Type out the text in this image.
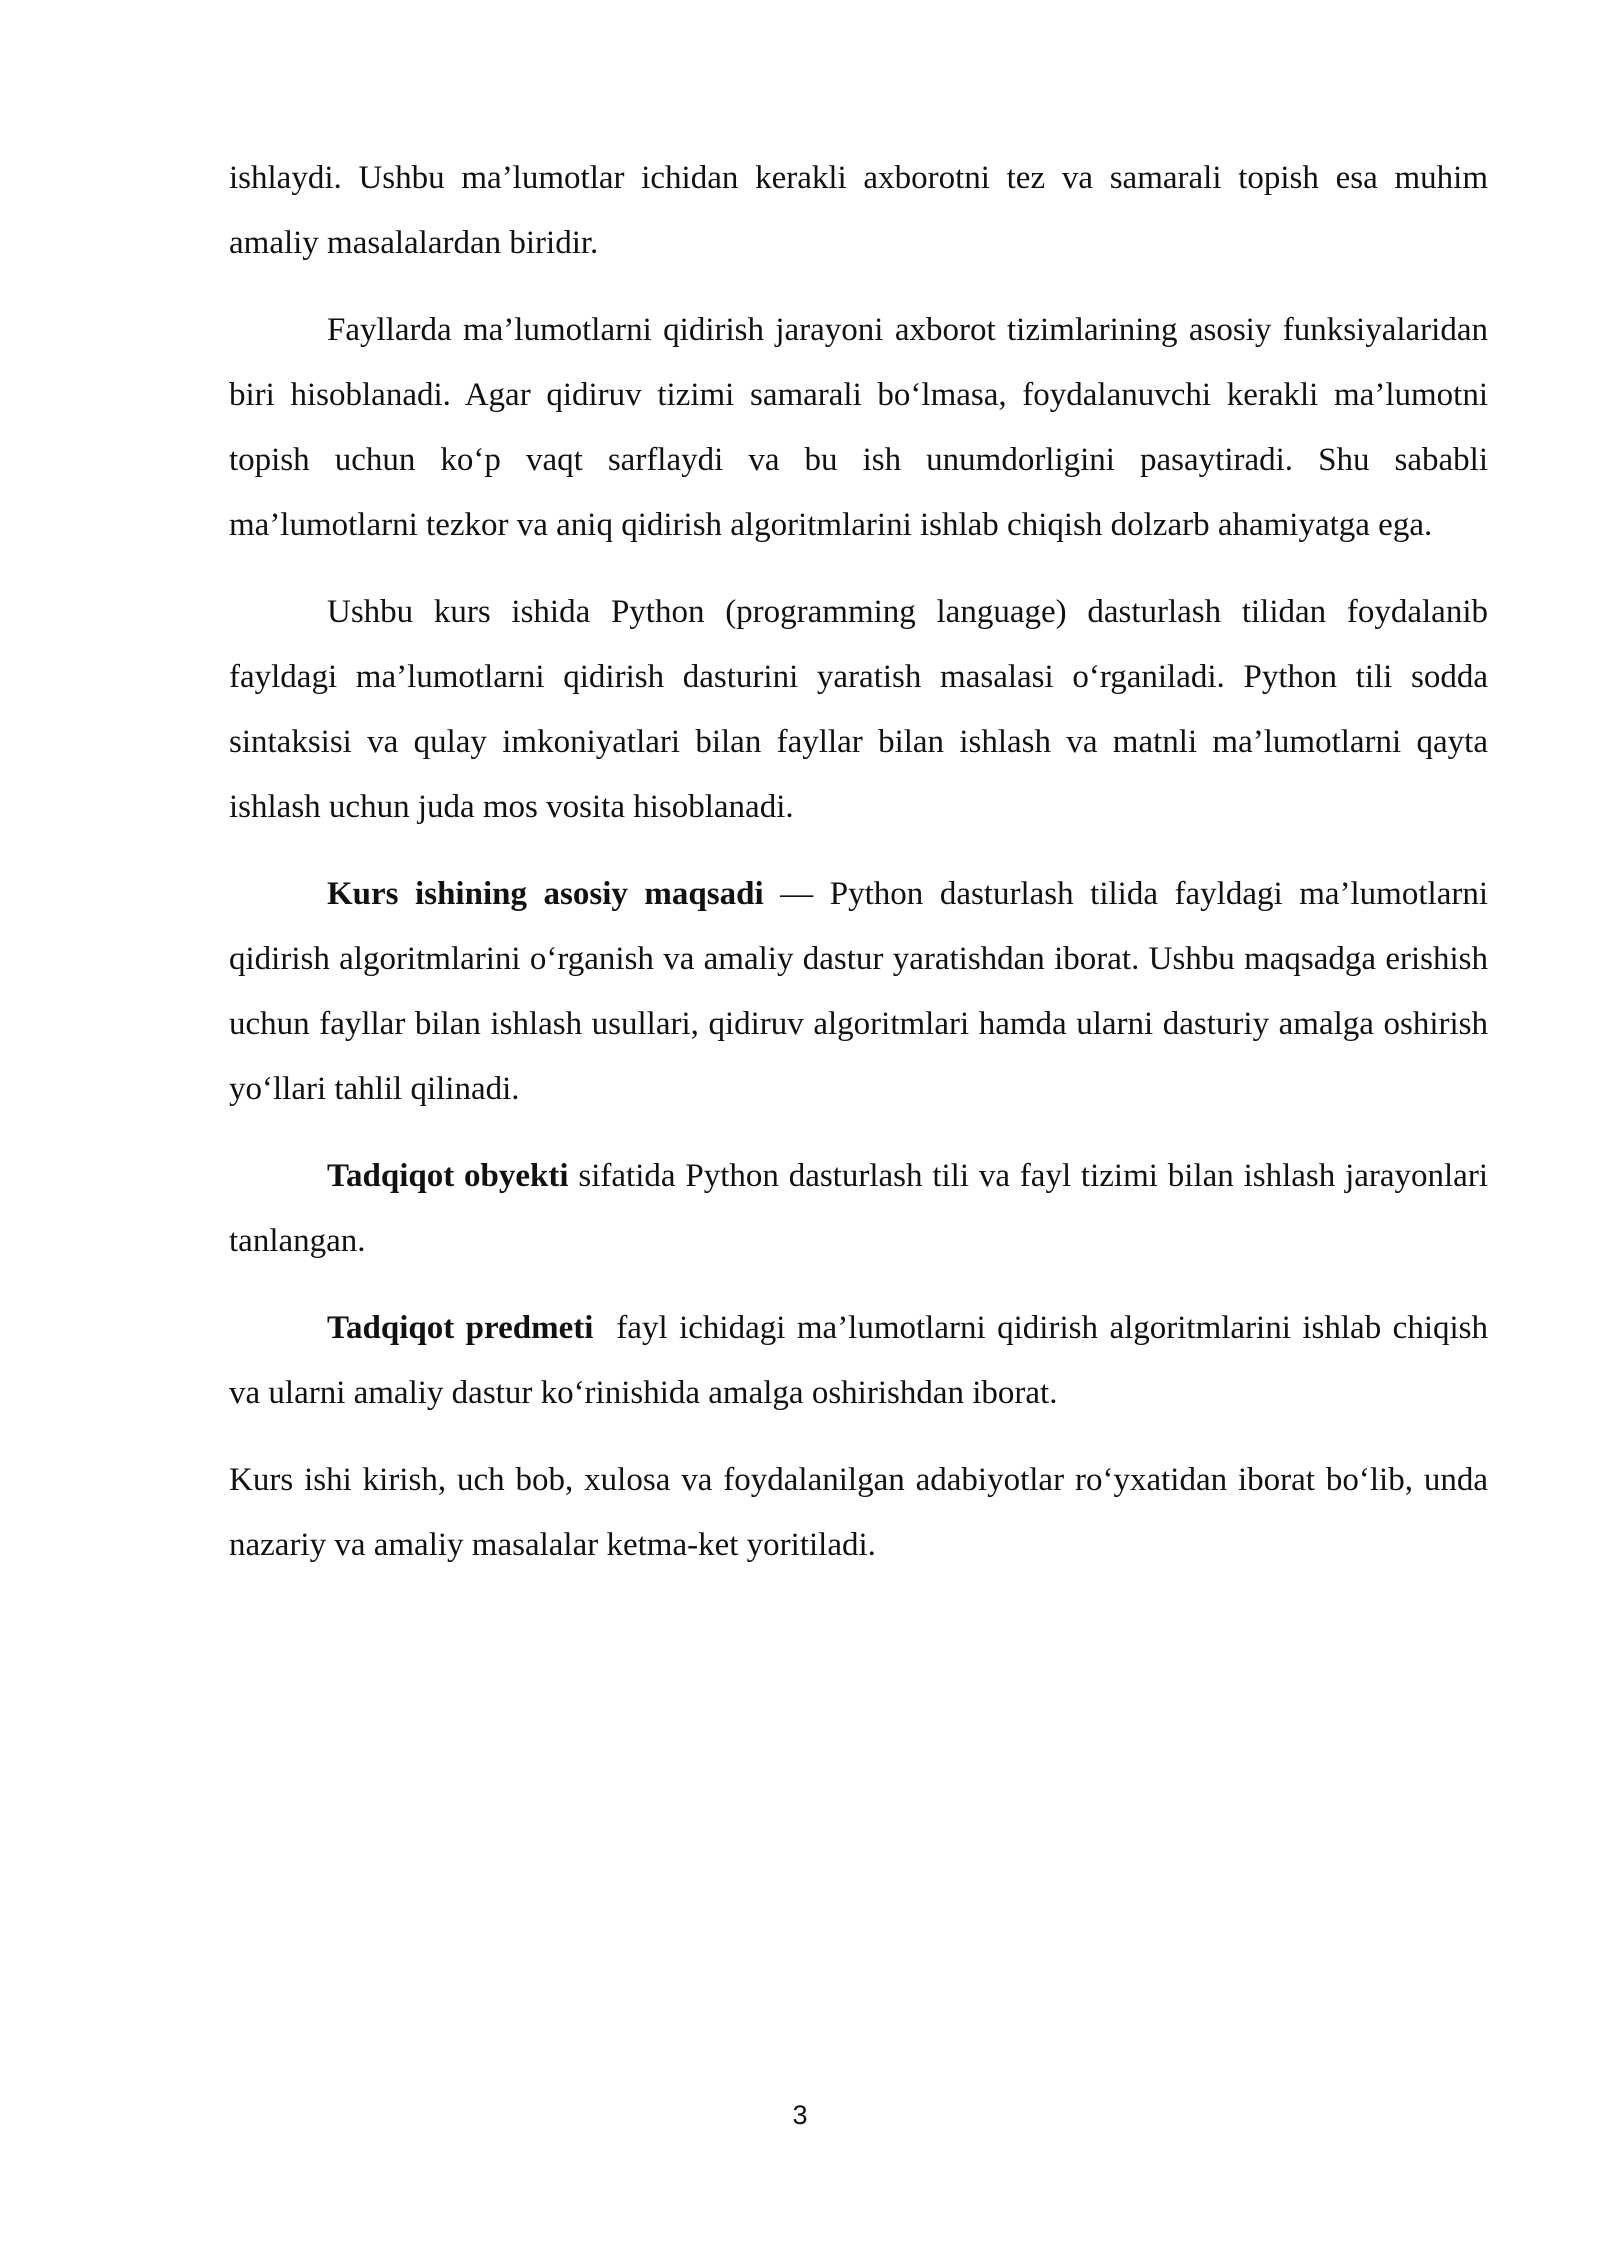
ishlaydi. Ushbu ma’lumotlar ichidan kerakli axborotni tez va samarali topish esa muhim amaliy masalalardan biridir.

Fayllarda ma’lumotlarni qidirish jarayoni axborot tizimlarining asosiy funksiyalaridan biri hisoblanadi. Agar qidiruv tizimi samarali bo‘lmasa, foydalanuvchi kerakli ma’lumotni topish uchun ko‘p vaqt sarflaydi va bu ish unumdorligini pasaytiradi. Shu sababli ma’lumotlarni tezkor va aniq qidirish algoritmlarini ishlab chiqish dolzarb ahamiyatga ega.

Ushbu kurs ishida Python (programming language) dasturlash tilidan foydalanib fayldagi ma’lumotlarni qidirish dasturini yaratish masalasi o‘rganiladi. Python tili sodda sintaksisi va qulay imkoniyatlari bilan fayllar bilan ishlash va matnli ma’lumotlarni qayta ishlash uchun juda mos vosita hisoblanadi.

Kurs ishining asosiy maqsadi — Python dasturlash tilida fayldagi ma’lumotlarni qidirish algoritmlarini o‘rganish va amaliy dastur yaratishdan iborat. Ushbu maqsadga erishish uchun fayllar bilan ishlash usullari, qidiruv algoritmlari hamda ularni dasturiy amalga oshirish yo‘llari tahlil qilinadi.

Tadqiqot obyekti sifatida Python dasturlash tili va fayl tizimi bilan ishlash jarayonlari tanlangan.

Tadqiqot predmeti  fayl ichidagi ma’lumotlarni qidirish algoritmlarini ishlab chiqish va ularni amaliy dastur ko‘rinishida amalga oshirishdan iborat.

Kurs ishi kirish, uch bob, xulosa va foydalanilgan adabiyotlar ro‘yxatidan iborat bo‘lib, unda nazariy va amaliy masalalar ketma-ket yoritiladi.

3
